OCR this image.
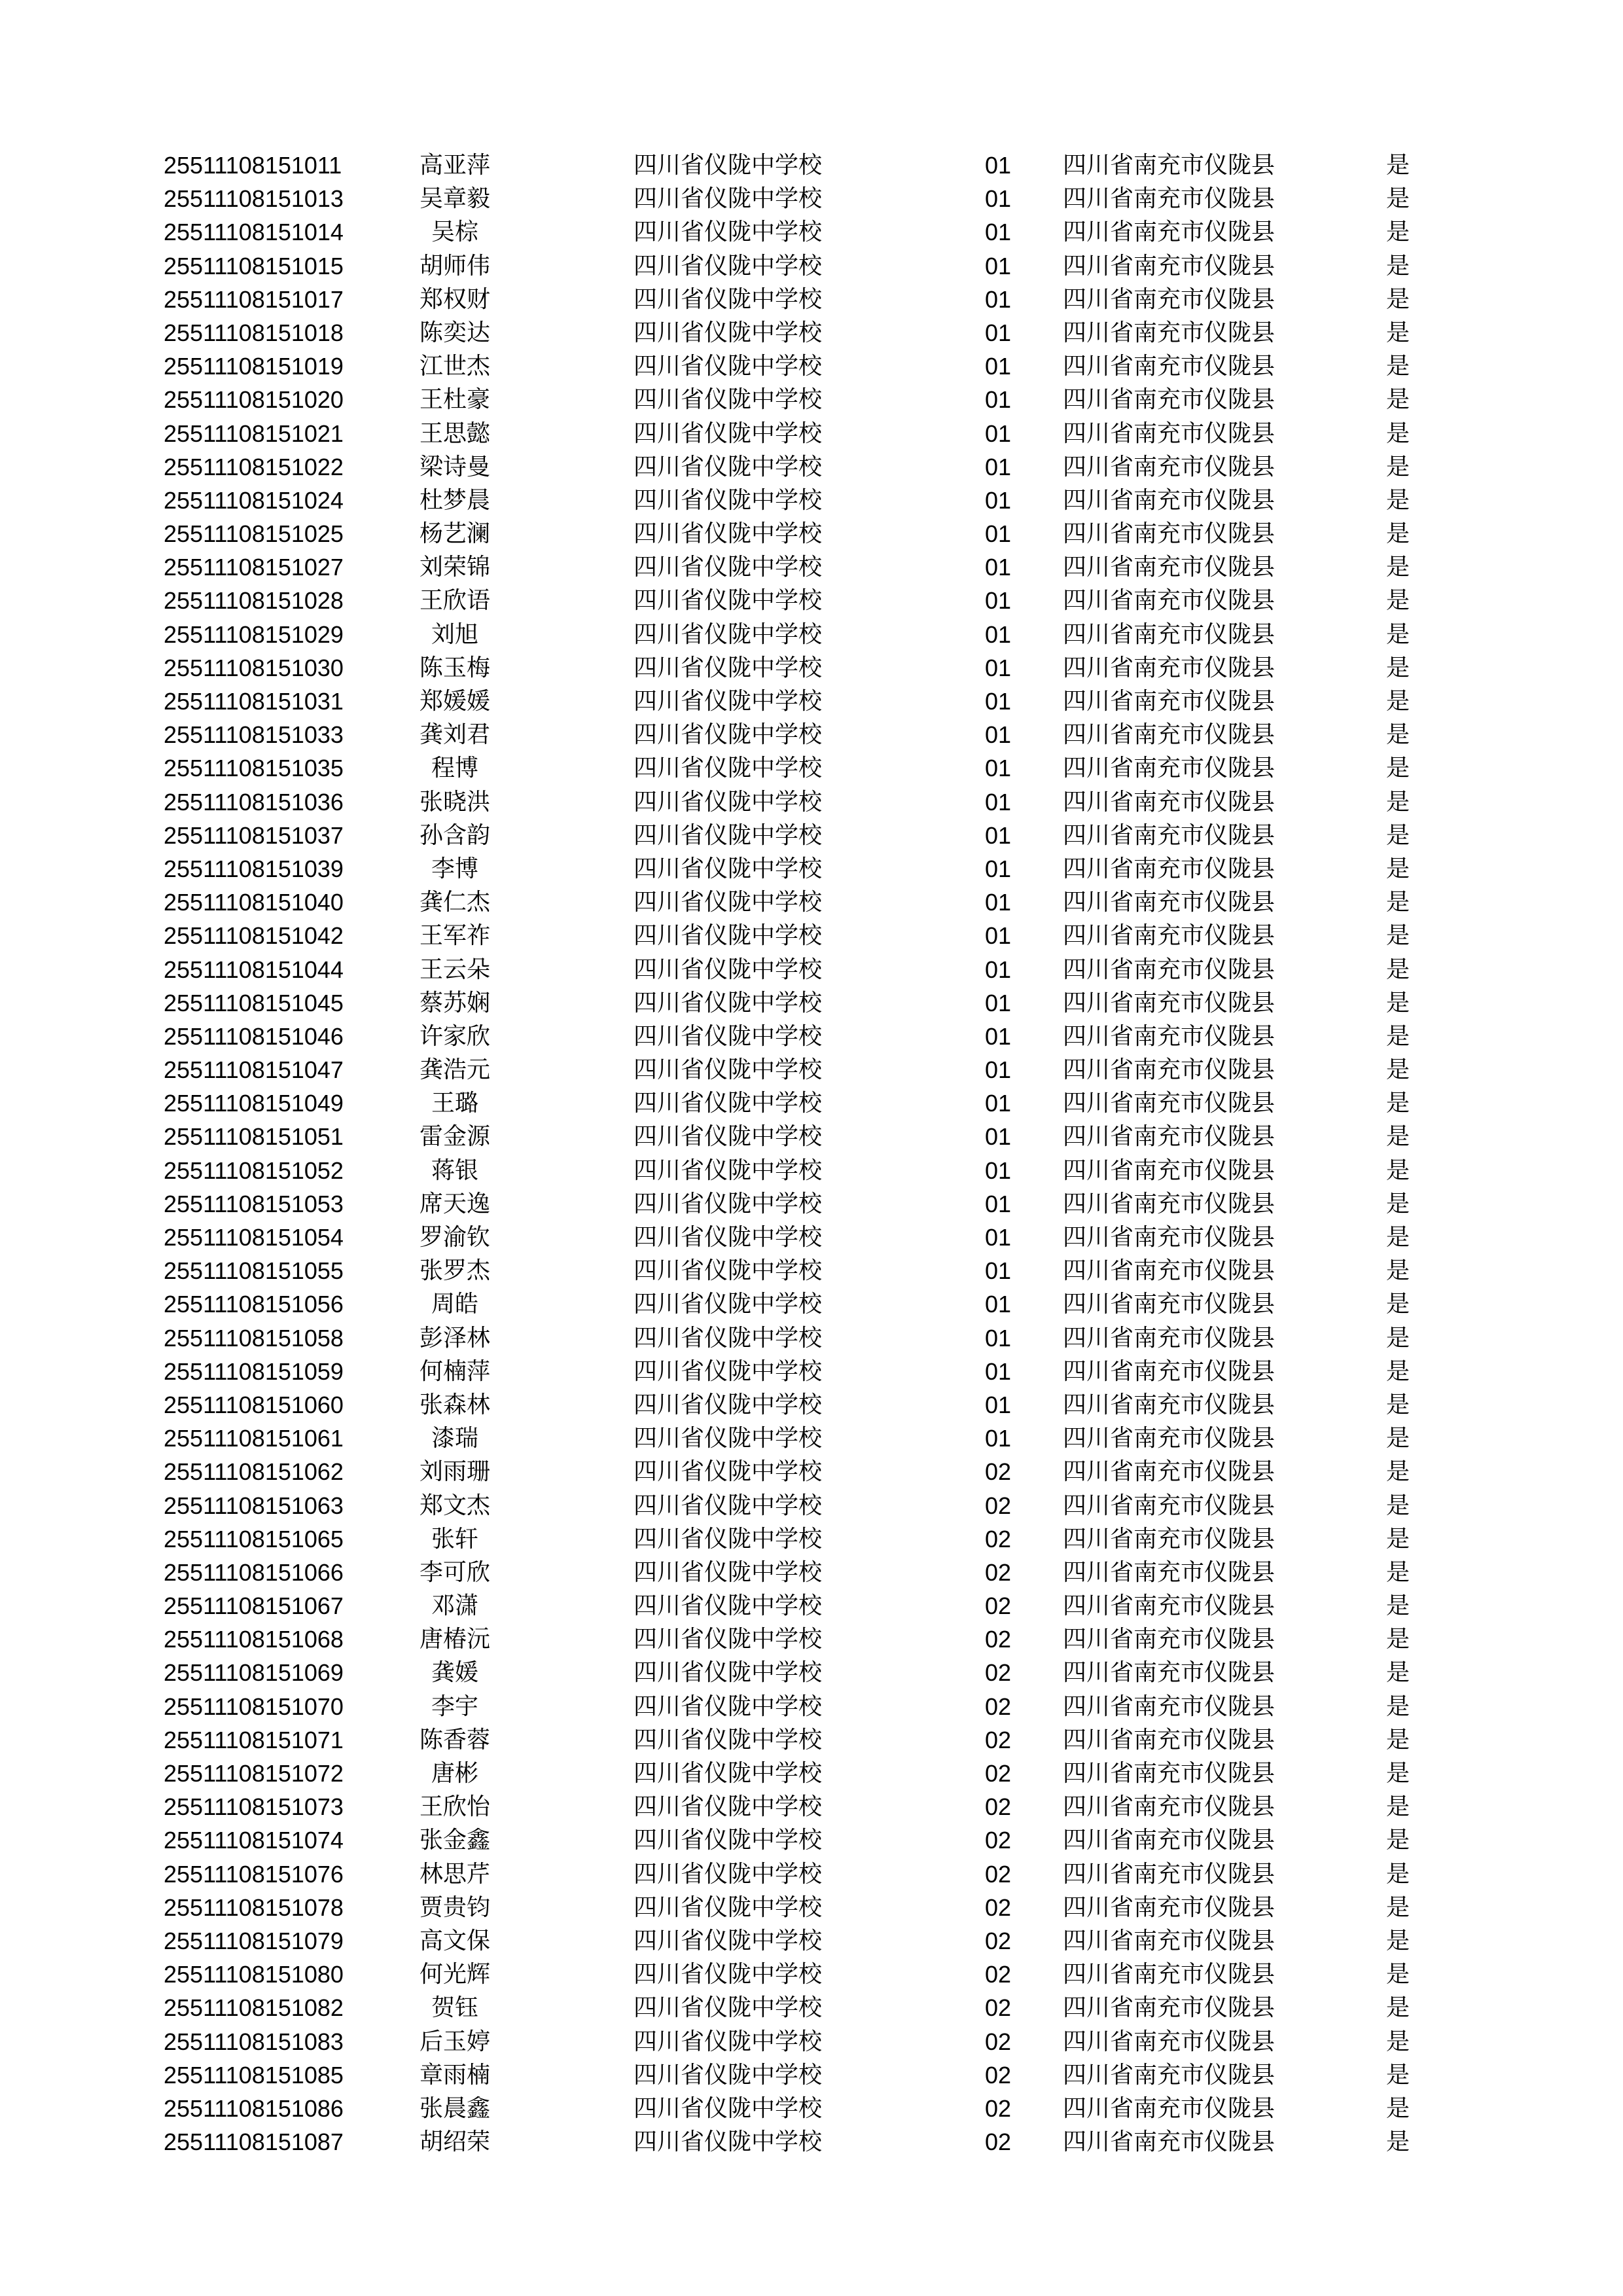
25511108151011	高亚萍	四川省仪陇中学校	01 四川省南充市仪陇县	是
25511108151013	吴章毅	四川省仪陇中学校	01 四川省南充市仪陇县	是
25511108151014	吴棕	四川省仪陇中学校	01 四川省南充市仪陇县	是
25511108151015	胡师伟	四川省仪陇中学校	01 四川省南充市仪陇县	是
25511108151017	郑权财	四川省仪陇中学校	01 四川省南充市仪陇县	是
25511108151018	陈奕达	四川省仪陇中学校	01 四川省南充市仪陇县	是
25511108151019	江世杰	四川省仪陇中学校	01 四川省南充市仪陇县	是
25511108151020	王杜豪	四川省仪陇中学校	01 四川省南充市仪陇县	是
25511108151021	王思懿	四川省仪陇中学校	01 四川省南充市仪陇县	是
25511108151022	梁诗曼	四川省仪陇中学校	01 四川省南充市仪陇县	是
25511108151024	杜梦晨	四川省仪陇中学校	01 四川省南充市仪陇县	是
25511108151025	杨艺澜	四川省仪陇中学校	01 四川省南充市仪陇县	是
25511108151027	刘荣锦	四川省仪陇中学校	01 四川省南充市仪陇县	是
25511108151028	王欣语	四川省仪陇中学校	01 四川省南充市仪陇县	是
25511108151029	刘旭	四川省仪陇中学校	01 四川省南充市仪陇县	是
25511108151030	陈玉梅	四川省仪陇中学校	01 四川省南充市仪陇县	是
25511108151031	郑媛媛	四川省仪陇中学校	01 四川省南充市仪陇县	是
25511108151033	龚刘君	四川省仪陇中学校	01 四川省南充市仪陇县	是
25511108151035	程博	四川省仪陇中学校	01 四川省南充市仪陇县	是
25511108151036	张晓洪	四川省仪陇中学校	01 四川省南充市仪陇县	是
25511108151037	孙含韵	四川省仪陇中学校	01 四川省南充市仪陇县	是
25511108151039	李博	四川省仪陇中学校	01 四川省南充市仪陇县	是
25511108151040	龚仁杰	四川省仪陇中学校	01 四川省南充市仪陇县	是
25511108151042	王军祚	四川省仪陇中学校	01 四川省南充市仪陇县	是
25511108151044	王云朵	四川省仪陇中学校	01 四川省南充市仪陇县	是
25511108151045	蔡苏娴	四川省仪陇中学校	01 四川省南充市仪陇县	是
25511108151046	许家欣	四川省仪陇中学校	01 四川省南充市仪陇县	是
25511108151047	龚浩元	四川省仪陇中学校	01 四川省南充市仪陇县	是
25511108151049	王璐	四川省仪陇中学校	01 四川省南充市仪陇县	是
25511108151051	雷金源	四川省仪陇中学校	01 四川省南充市仪陇县	是
25511108151052	蒋银	四川省仪陇中学校	01 四川省南充市仪陇县	是
25511108151053	席天逸	四川省仪陇中学校	01 四川省南充市仪陇县	是
25511108151054	罗渝钦	四川省仪陇中学校	01 四川省南充市仪陇县	是
25511108151055	张罗杰	四川省仪陇中学校	01 四川省南充市仪陇县	是
25511108151056	周皓	四川省仪陇中学校	01 四川省南充市仪陇县	是
25511108151058	彭泽林	四川省仪陇中学校	01 四川省南充市仪陇县	是
25511108151059	何楠萍	四川省仪陇中学校	01 四川省南充市仪陇县	是
25511108151060	张森林	四川省仪陇中学校	01 四川省南充市仪陇县	是
25511108151061	漆瑞	四川省仪陇中学校	01 四川省南充市仪陇县	是
25511108151062	刘雨珊	四川省仪陇中学校	02 四川省南充市仪陇县	是
25511108151063	郑文杰	四川省仪陇中学校	02 四川省南充市仪陇县	是
25511108151065	张轩	四川省仪陇中学校	02 四川省南充市仪陇县	是
25511108151066	李可欣	四川省仪陇中学校	02 四川省南充市仪陇县	是
25511108151067	邓潇	四川省仪陇中学校	02 四川省南充市仪陇县	是
25511108151068	唐椿沅	四川省仪陇中学校	02 四川省南充市仪陇县	是
25511108151069	龚媛	四川省仪陇中学校	02 四川省南充市仪陇县	是
25511108151070	李宇	四川省仪陇中学校	02 四川省南充市仪陇县	是
25511108151071	陈香蓉	四川省仪陇中学校	02 四川省南充市仪陇县	是
25511108151072	唐彬	四川省仪陇中学校	02 四川省南充市仪陇县	是
25511108151073	王欣怡	四川省仪陇中学校	02 四川省南充市仪陇县	是
25511108151074	张金鑫	四川省仪陇中学校	02 四川省南充市仪陇县	是
25511108151076	林思芹	四川省仪陇中学校	02 四川省南充市仪陇县	是
25511108151078	贾贵钧	四川省仪陇中学校	02 四川省南充市仪陇县	是
25511108151079	高文保	四川省仪陇中学校	02 四川省南充市仪陇县	是
25511108151080	何光辉	四川省仪陇中学校	02 四川省南充市仪陇县	是
25511108151082	贺钰	四川省仪陇中学校	02 四川省南充市仪陇县	是
25511108151083	后玉婷	四川省仪陇中学校	02 四川省南充市仪陇县	是
25511108151085	章雨楠	四川省仪陇中学校	02 四川省南充市仪陇县	是
25511108151086	张晨鑫	四川省仪陇中学校	02 四川省南充市仪陇县	是
25511108151087	胡绍荣	四川省仪陇中学校	02 四川省南充市仪陇县	是
